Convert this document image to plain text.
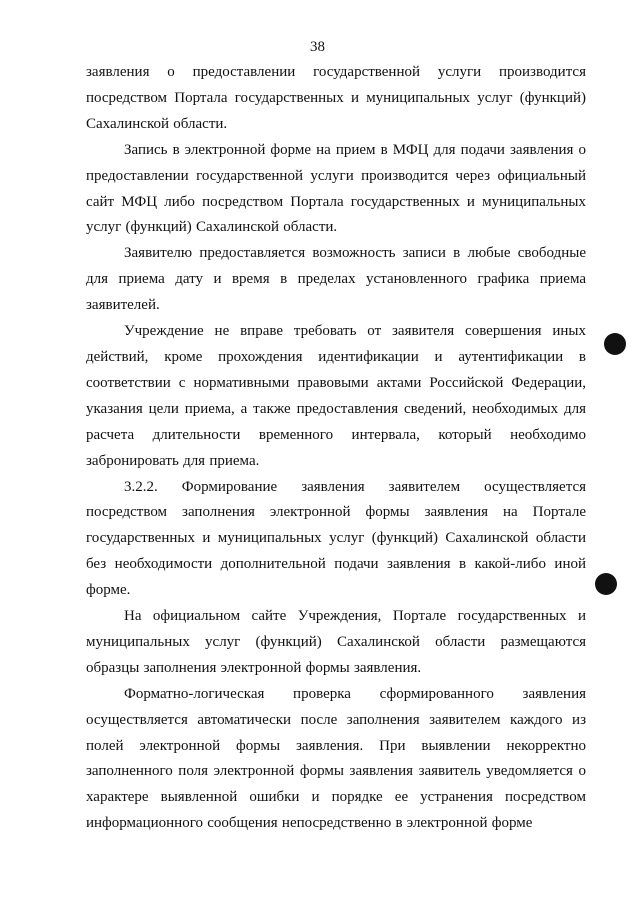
38

заявления о предоставлении государственной услуги производится посредством Портала государственных и муниципальных услуг (функций) Сахалинской области.

Запись в электронной форме на прием в МФЦ для подачи заявления о предоставлении государственной услуги производится через официальный сайт МФЦ либо посредством Портала государственных и муниципальных услуг (функций) Сахалинской области.

Заявителю предоставляется возможность записи в любые свободные для приема дату и время в пределах установленного графика приема заявителей.

Учреждение не вправе требовать от заявителя совершения иных действий, кроме прохождения идентификации и аутентификации в соответствии с нормативными правовыми актами Российской Федерации, указания цели приема, а также предоставления сведений, необходимых для расчета длительности временного интервала, который необходимо забронировать для приема.

3.2.2. Формирование заявления заявителем осуществляется посредством заполнения электронной формы заявления на Портале государственных и муниципальных услуг (функций) Сахалинской области без необходимости дополнительной подачи заявления в какой-либо иной форме.

На официальном сайте Учреждения, Портале государственных и муниципальных услуг (функций) Сахалинской области размещаются образцы заполнения электронной формы заявления.

Форматно-логическая проверка сформированного заявления осуществляется автоматически после заполнения заявителем каждого из полей электронной формы заявления. При выявлении некорректно заполненного поля электронной формы заявления заявитель уведомляется о характере выявленной ошибки и порядке ее устранения посредством информационного сообщения непосредственно в электронной форме
